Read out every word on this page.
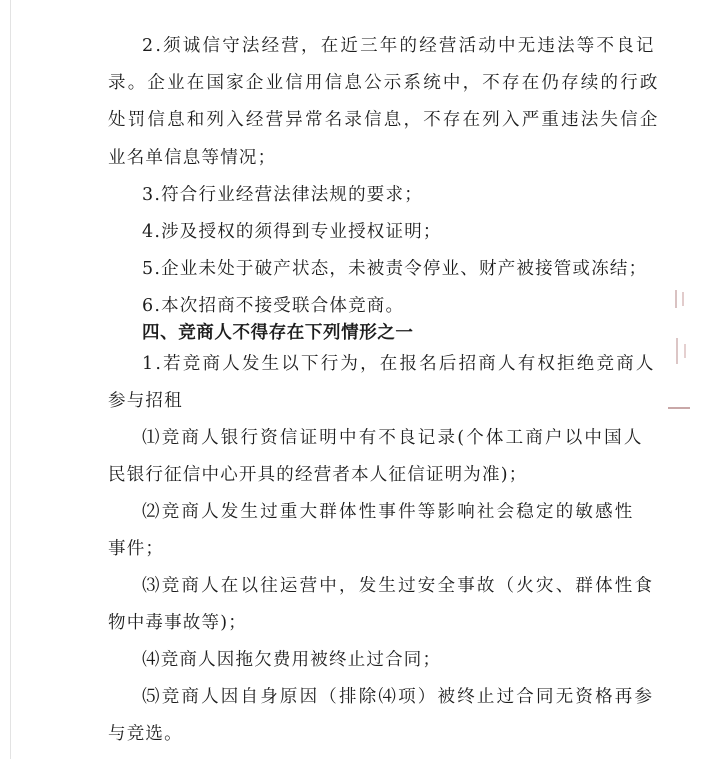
2.须诚信守法经营，在近三年的经营活动中无违法等不良记
录。企业在国家企业信用信息公示系统中，不存在仍存续的行政
处罚信息和列入经营异常名录信息，不存在列入严重违法失信企
业名单信息等情况；
3.符合行业经营法律法规的要求；
4.涉及授权的须得到专业授权证明；
5.企业未处于破产状态，未被责令停业、财产被接管或冻结；
6.本次招商不接受联合体竞商。
四、竞商人不得存在下列情形之一
1.若竞商人发生以下行为，在报名后招商人有权拒绝竞商人
参与招租
⑴竞商人银行资信证明中有不良记录(个体工商户以中国人
民银行征信中心开具的经营者本人征信证明为准)；
⑵竞商人发生过重大群体性事件等影响社会稳定的敏感性
事件；
⑶竞商人在以往运营中，发生过安全事故（火灾、群体性食
物中毒事故等)；
⑷竞商人因拖欠费用被终止过合同；
⑸竞商人因自身原因（排除⑷项）被终止过合同无资格再参
与竞选。
